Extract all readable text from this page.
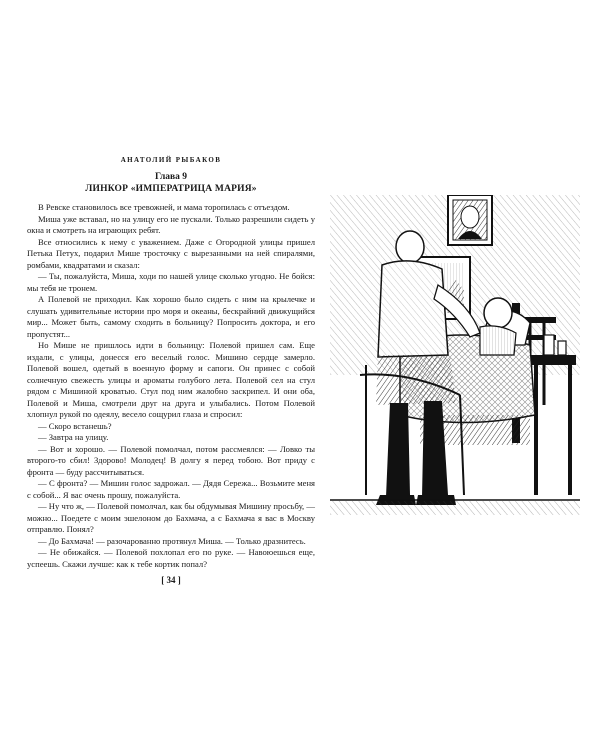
АНАТОЛИЙ РЫБАКОВ
Глава 9
ЛИНКОР «ИМПЕРАТРИЦА МАРИЯ»

В Ревске становилось все тревожней, и мама торопилась с отъездом.

Миша уже вставал, но на улицу его не пускали. Только разрешили сидеть у окна и смотреть на играющих ребят.

Все относились к нему с уважением. Даже с Огородной улицы пришел Петька Петух, подарил Мише тросточку с вырезанными на ней спиралями, ромбами, квадратами и сказал:

— Ты, пожалуйста, Миша, ходи по нашей улице сколько угодно. Не бойся: мы тебя не тронем.

А Полевой не приходил. Как хорошо было сидеть с ним на крылечке и слушать удивительные истории про моря и океаны, бескрайний движущийся мир... Может быть, самому сходить в больницу? Попросить доктора, и его пропустят...

Но Мише не пришлось идти в больницу: Полевой пришел сам. Еще издали, с улицы, донесся его веселый голос. Мишино сердце замерло. Полевой вошел, одетый в военную форму и сапоги. Он принес с собой солнечную свежесть улицы и ароматы голубого лета. Полевой сел на стул рядом с Мишиной кроватью. Стул под ним жалобно заскрипел. И они оба, Полевой и Миша, смотрели друг на друга и улыбались. Потом Полевой хлопнул рукой по одеялу, весело сощурил глаза и спросил:

— Скоро встанешь?

— Завтра на улицу.

— Вот и хорошо. — Полевой помолчал, потом рассмеялся: — Ловко ты второго-то сбил! Здорово! Молодец! В долгу я перед тобою. Вот приду с фронта — буду рассчитываться.

— С фронта? — Мишин голос задрожал. — Дядя Сережа... Возьмите меня с собой... Я вас очень прошу, пожалуйста.

— Ну что ж, — Полевой помолчал, как бы обдумывая Мишину просьбу, — можно... Поедете с моим эшелоном до Бахмача, а с Бахмача я вас в Москву отправлю. Понял?

— До Бахмача! — разочарованно протянул Миша. — Только дразнитесь.

— Не обижайся. — Полевой похлопал его по руке. — Навоюешься еще, успеешь. Скажи лучше: как к тебе кортик попал?

[ 34 ]
